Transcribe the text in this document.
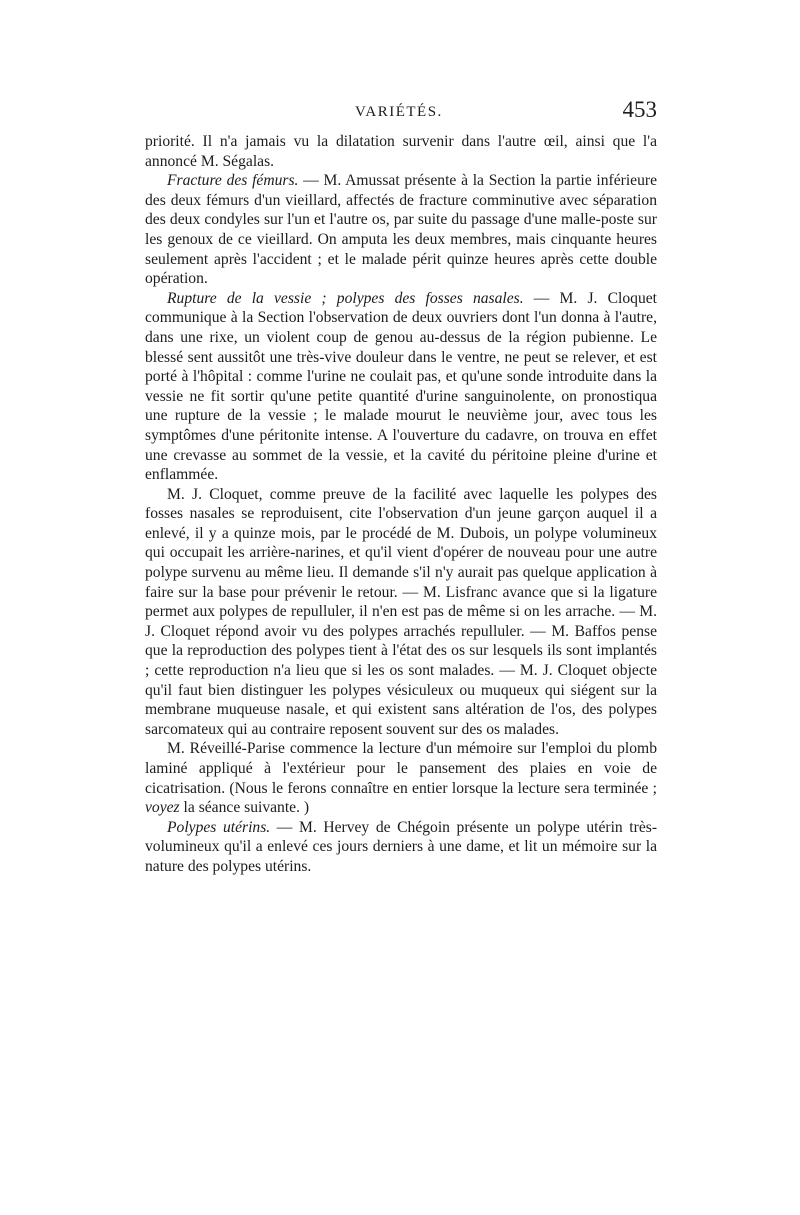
VARIÉTÉS.	453

priorité. Il n'a jamais vu la dilatation survenir dans l'autre œil, ainsi que l'a annoncé M. Ségalas.

Fracture des fémurs. — M. Amussat présente à la Section la partie inférieure des deux fémurs d'un vieillard, affectés de fracture comminutive avec séparation des deux condyles sur l'un et l'autre os, par suite du passage d'une malle-poste sur les genoux de ce vieillard. On amputa les deux membres, mais cinquante heures seulement après l'accident ; et le malade périt quinze heures après cette double opération.

Rupture de la vessie ; polypes des fosses nasales. — M. J. Cloquet communique à la Section l'observation de deux ouvriers dont l'un donna à l'autre, dans une rixe, un violent coup de genou au-dessus de la région pubienne. Le blessé sent aussitôt une très-vive douleur dans le ventre, ne peut se relever, et est porté à l'hôpital : comme l'urine ne coulait pas, et qu'une sonde introduite dans la vessie ne fit sortir qu'une petite quantité d'urine sanguinolente, on pronostiqua une rupture de la vessie ; le malade mourut le neuvième jour, avec tous les symptômes d'une péritonite intense. A l'ouverture du cadavre, on trouva en effet une crevasse au sommet de la vessie, et la cavité du péritoine pleine d'urine et enflammée.

M. J. Cloquet, comme preuve de la facilité avec laquelle les polypes des fosses nasales se reproduisent, cite l'observation d'un jeune garçon auquel il a enlevé, il y a quinze mois, par le procédé de M. Dubois, un polype volumineux qui occupait les arrière-narines, et qu'il vient d'opérer de nouveau pour une autre polype survenu au même lieu. Il demande s'il n'y aurait pas quelque application à faire sur la base pour prévenir le retour. — M. Lisfranc avance que si la ligature permet aux polypes de repulluler, il n'en est pas de même si on les arrache. — M. J. Cloquet répond avoir vu des polypes arrachés repulluler. — M. Baffos pense que la reproduction des polypes tient à l'état des os sur lesquels ils sont implantés ; cette reproduction n'a lieu que si les os sont malades. — M. J. Cloquet objecte qu'il faut bien distinguer les polypes vésiculeux ou muqueux qui siégent sur la membrane muqueuse nasale, et qui existent sans altération de l'os, des polypes sarcomateux qui au contraire reposent souvent sur des os malades.

M. Réveillé-Parise commence la lecture d'un mémoire sur l'emploi du plomb laminé appliqué à l'extérieur pour le pansement des plaies en voie de cicatrisation. (Nous le ferons connaître en entier lorsque la lecture sera terminée ; voyez la séance suivante. )

Polypes utérins. — M. Hervey de Chégoin présente un polype utérin très-volumineux qu'il a enlevé ces jours derniers à une dame, et lit un mémoire sur la nature des polypes utérins.
